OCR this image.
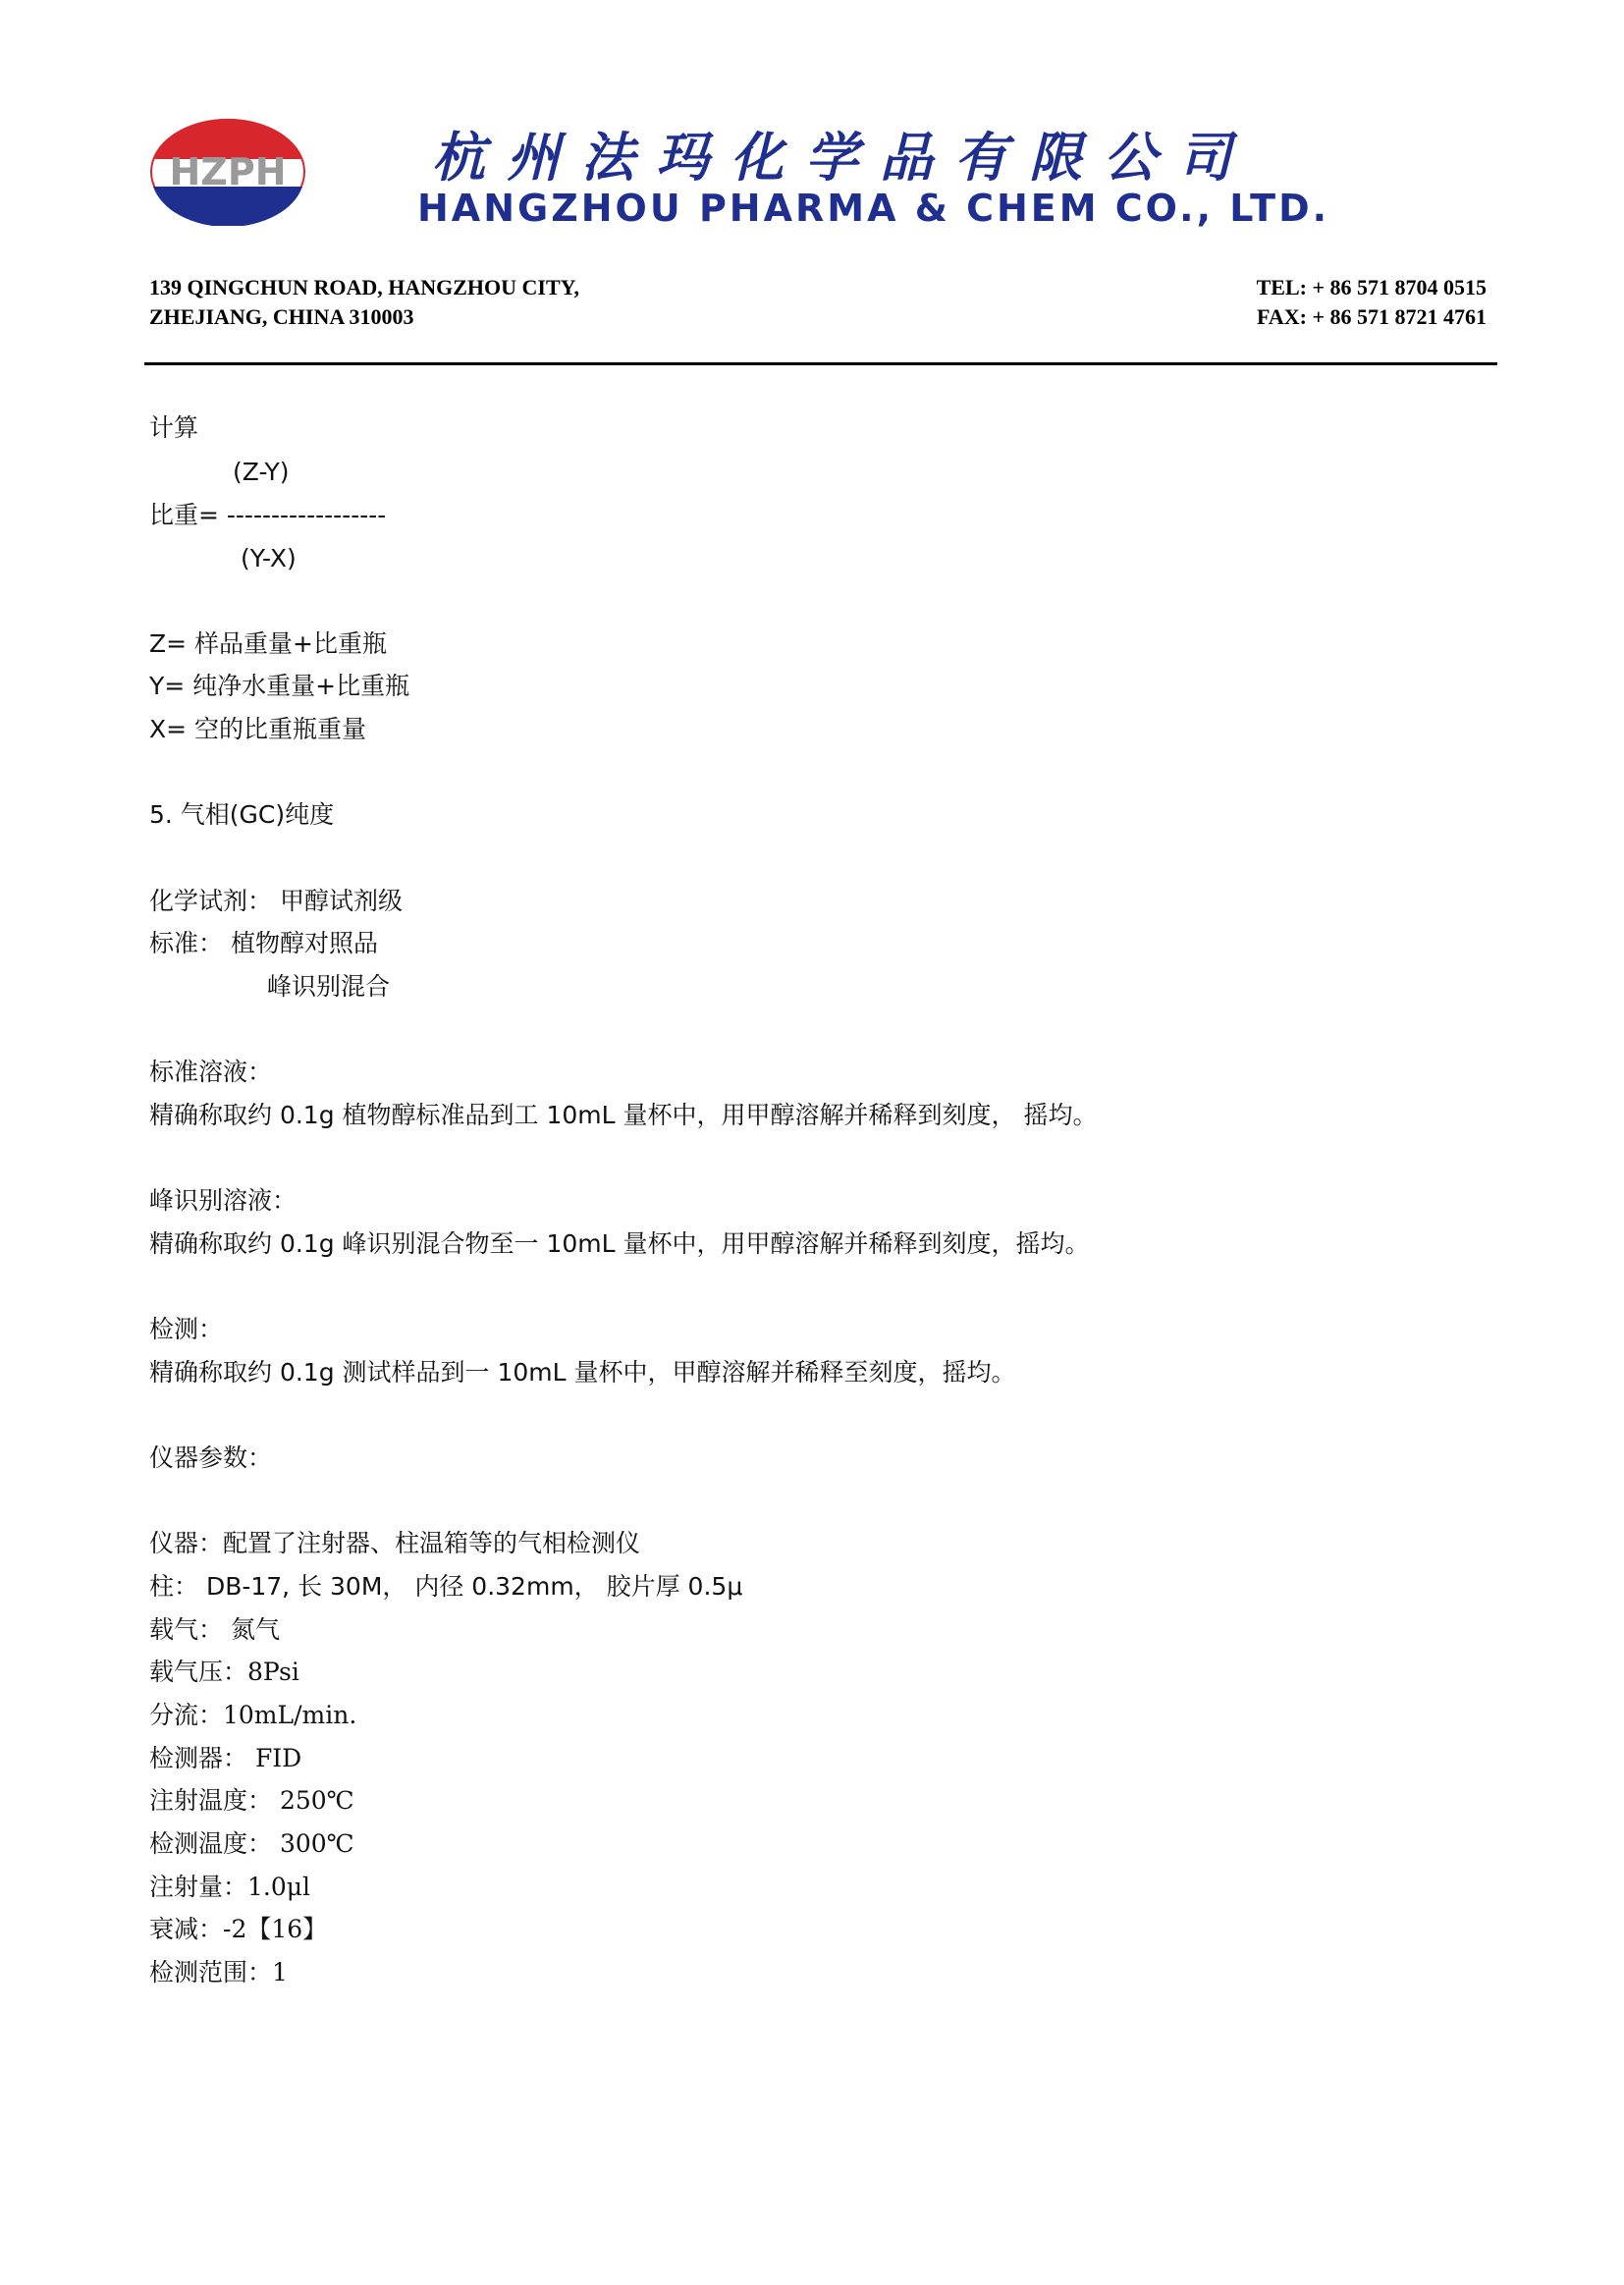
HZPH	杭州法玛化学品有限公司
HANGZHOU PHARMA & CHEM CO., LTD.
139 QINGCHUN ROAD, HANGZHOU CITY,
ZHEJIANG, CHINA 310003
TEL: + 86 571 8704 0515
FAX: + 86 571 8721 4761
计算
(Z-Y)
比重= ------------------
(Y-X)
Z= 样品重量+比重瓶
Y= 纯净水重量+比重瓶
X= 空的比重瓶重量
5. 气相(GC)纯度
化学试剂： 甲醇试剂级
标准： 植物醇对照品
峰识别混合
标准溶液：
精确称取约 0.1g 植物醇标准品到工 10mL 量杯中，用甲醇溶解并稀释到刻度， 摇均。
峰识别溶液：
精确称取约 0.1g 峰识别混合物至一 10mL 量杯中，用甲醇溶解并稀释到刻度，摇均。
检测：
精确称取约 0.1g 测试样品到一 10mL 量杯中，甲醇溶解并稀释至刻度，摇均。
仪器参数：
仪器：配置了注射器、柱温箱等的气相检测仪
柱： DB-17, 长 30M， 内径 0.32mm， 胶片厚 0.5μ
载气： 氮气
载气压：8Psi
分流：10mL/min.
检测器： FID
注射温度： 250℃
检测温度： 300℃
注射量：1.0μl
衰减：-2【16】
检测范围：1
